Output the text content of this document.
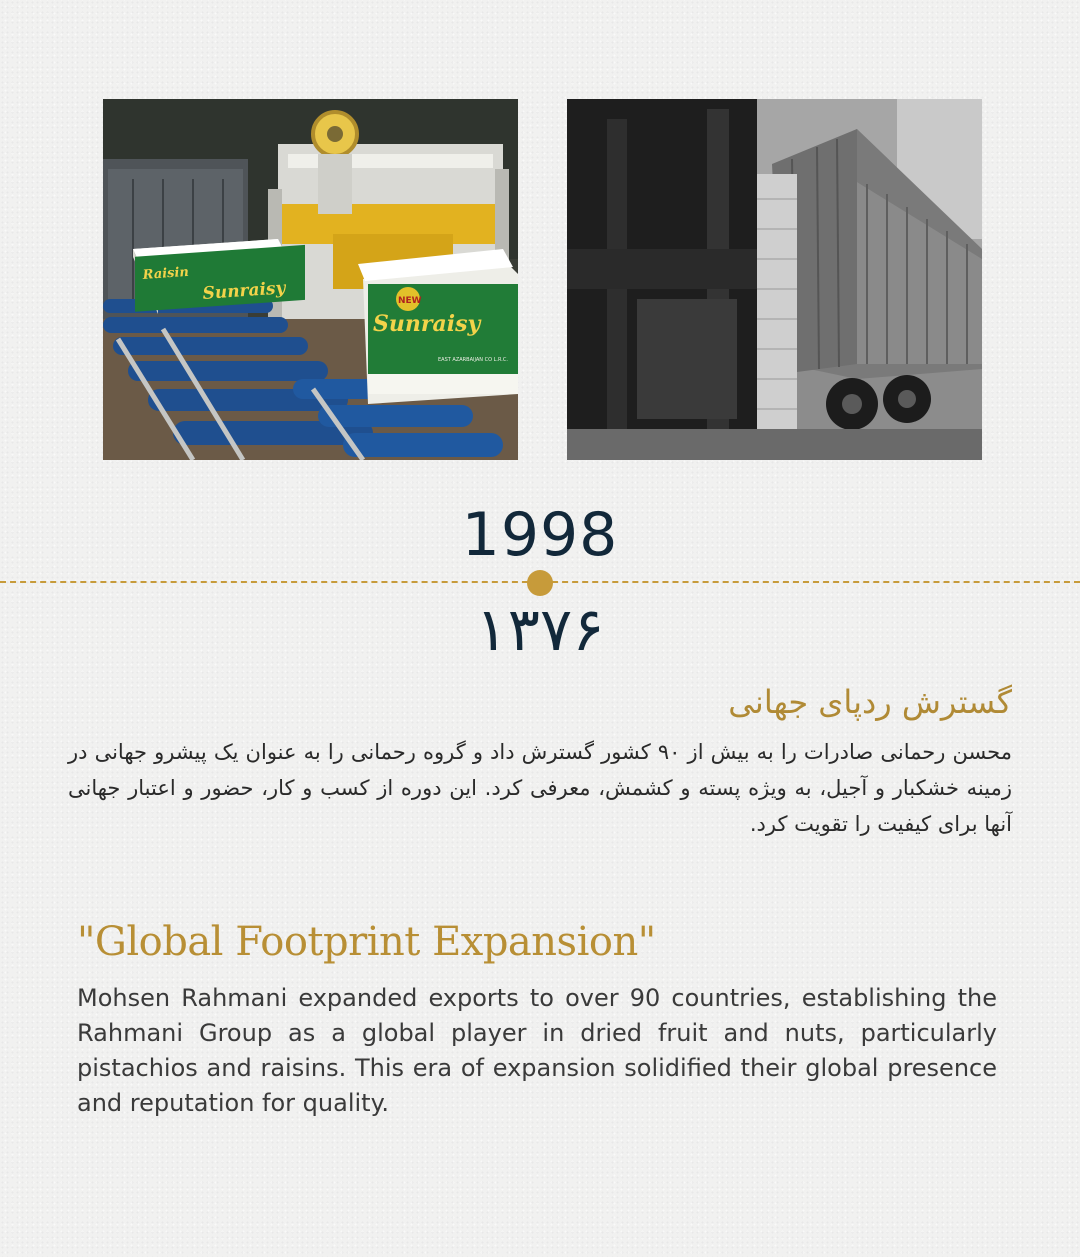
Raisin
Sunraisy	NEW
Sunraisy
EAST AZARBAIJAN CO L.R.C.
1998
۱۳۷۶
گسترش ردپای جهانی
محسن رحمانی صادرات را به بیش از ۹۰ کشور گسترش داد و گروه رحمانی را به عنوان یک پیشرو جهانی در زمینه خشکبار و آجیل، به ویژه پسته و کشمش، معرفی کرد. این دوره از کسب و کار، حضور و اعتبار جهانی آنها برای کیفیت را تقویت کرد.
"Global Footprint Expansion"
Mohsen Rahmani expanded exports to over 90 countries, establishing the Rahmani Group as a global player in dried fruit and nuts, particularly pistachios and raisins. This era of expansion solidified their global presence and reputation for quality.
